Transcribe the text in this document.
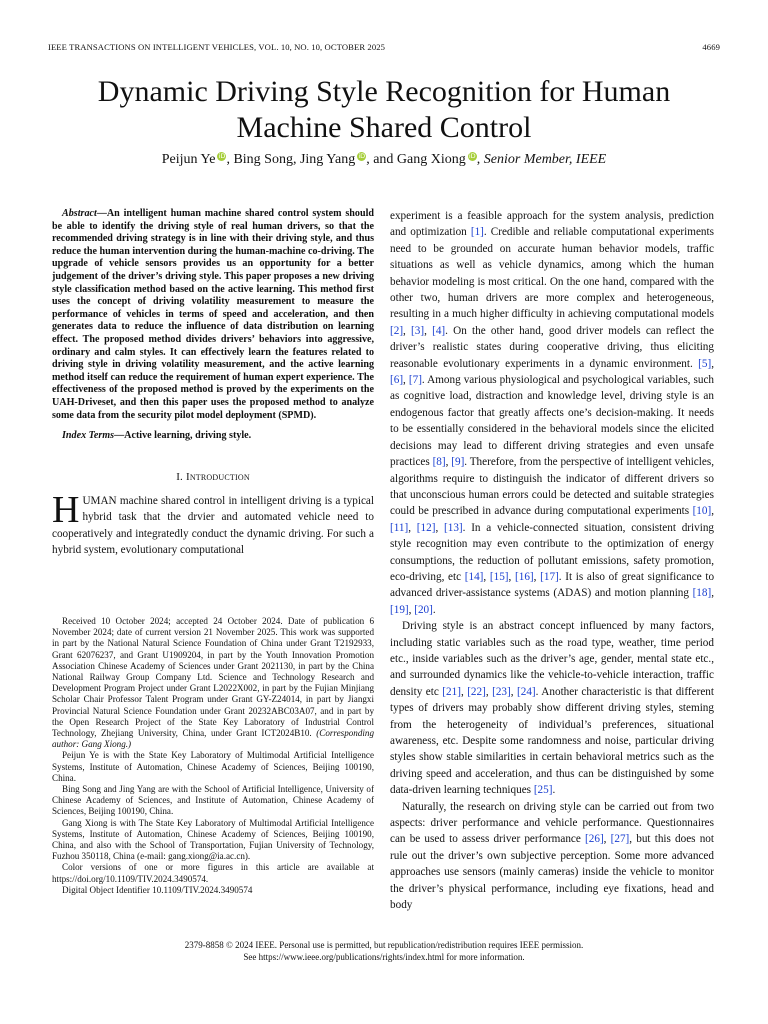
IEEE TRANSACTIONS ON INTELLIGENT VEHICLES, VOL. 10, NO. 10, OCTOBER 2025	4669
Dynamic Driving Style Recognition for Human
Machine Shared Control
Peijun Ye iD, Bing Song, Jing Yang iD, and Gang Xiong iD, Senior Member, IEEE

Abstract—An intelligent human machine shared control system should be able to identify the driving style of real human drivers, so that the recommended driving strategy is in line with their driving style, and thus reduce the human intervention during the human-machine co-driving. The upgrade of vehicle sensors provides us an opportunity for a better judgement of the driver’s driving style. This paper proposes a new driving style classification method based on the active learning. This method first uses the concept of driving volatility measurement to measure the performance of vehicles in terms of speed and acceleration, and then generates data to reduce the influence of data distribution on learning effect. The proposed method divides drivers’ behaviors into aggressive, ordinary and calm styles. It can effectively learn the features related to driving style in driving volatility measurement, and the active learning method itself can reduce the requirement of human expert experience. The effectiveness of the proposed method is proved by the experiments on the UAH-Driveset, and then this paper uses the proposed method to analyze some data from the security pilot model deployment (SPMD).

Index Terms—Active learning, driving style.

I. Introduction

HUMAN machine shared control in intelligent driving is a typical hybrid task that the drvier and automated vehicle need to cooperatively and integratedly conduct the dynamic driving. For such a hybrid system, evolutionary computational

Received 10 October 2024; accepted 24 October 2024. Date of publication 6 November 2024; date of current version 21 November 2025. This work was supported in part by the National Natural Science Foundation of China under Grant T2192933, Grant 62076237, and Grant U1909204, in part by the Youth Innovation Promotion Association Chinese Academy of Sciences under Grant 2021130, in part by the China National Railway Group Company Ltd. Science and Technology Research and Development Program Project under Grant L2022X002, in part by the Fujian Minjiang Scholar Chair Professor Talent Program under Grant GY-Z24014, in part by Jiangxi Provincial Natural Science Foundation under Grant 20232ABC03A07, and in part by the Open Research Project of the State Key Laboratory of Industrial Control Technology, Zhejiang University, China, under Grant ICT2024B10. (Corresponding author: Gang Xiong.)

Peijun Ye is with the State Key Laboratory of Multimodal Artificial Intelligence Systems, Institute of Automation, Chinese Academy of Sciences, Beijing 100190, China.

Bing Song and Jing Yang are with the School of Artificial Intelligence, University of Chinese Academy of Sciences, and Institute of Automation, Chinese Academy of Sciences, Beijing 100190, China.

Gang Xiong is with The State Key Laboratory of Multimodal Artificial Intelligence Systems, Institute of Automation, Chinese Academy of Sciences, Beijing 100190, China, and also with the School of Transportation, Fujian University of Technology, Fuzhou 350118, China (e-mail: gang.xiong@ia.ac.cn).

Color versions of one or more figures in this article are available at https://doi.org/10.1109/TIV.2024.3490574.

Digital Object Identifier 10.1109/TIV.2024.3490574

experiment is a feasible approach for the system analysis, prediction and optimization [1]. Credible and reliable computational experiments need to be grounded on accurate human behavior models, traffic situations as well as vehicle dynamics, among which the human behavior modeling is most critical. On the one hand, compared with the other two, human drivers are more complex and heterogeneous, resulting in a much higher difficulty in achieving computational models [2], [3], [4]. On the other hand, good driver models can reflect the driver’s realistic states during cooperative driving, thus eliciting reasonable evolutionary experiments in a dynamic environment. [5], [6], [7]. Among various physiological and psychological variables, such as cognitive load, distraction and knowledge level, driving style is an endogenous factor that greatly affects one’s decision-making. It needs to be essentially considered in the behavioral models since the elicited decisions may lead to different driving strategies and even unsafe practices [8], [9]. Therefore, from the perspective of intelligent vehicles, algorithms require to distinguish the indicator of different drivers so that unconscious human errors could be detected and suitable strategies could be prescribed in advance during computational experiments [10], [11], [12], [13]. In a vehicle-connected situation, consistent driving style recognition may even contribute to the optimization of energy consumptions, the reduction of pollutant emissions, safety promotion, eco-driving, etc [14], [15], [16], [17]. It is also of great significance to advanced driver-assistance systems (ADAS) and motion planning [18], [19], [20].

Driving style is an abstract concept influenced by many factors, including static variables such as the road type, weather, time period etc., inside variables such as the driver’s age, gender, mental state etc., and surrounded dynamics like the vehicle-to-vehicle interaction, traffic density etc [21], [22], [23], [24]. Another characteristic is that different types of drivers may probably show different driving styles, steming from the heterogeneity of individual’s preferences, situational awareness, etc. Despite some randomness and noise, particular driving styles show stable similarities in certain behavioral metrics such as the driving speed and acceleration, and thus can be distinguished by some data-driven learning techniques [25].

Naturally, the research on driving style can be carried out from two aspects: driver performance and vehicle performance. Questionnaires can be used to assess driver performance [26], [27], but this does not rule out the driver’s own subjective perception. Some more advanced approaches use sensors (mainly cameras) inside the vehicle to monitor the driver’s physical performance, including eye fixations, head and body

2379-8858 © 2024 IEEE. Personal use is permitted, but republication/redistribution requires IEEE permission.
See https://www.ieee.org/publications/rights/index.html for more information.
